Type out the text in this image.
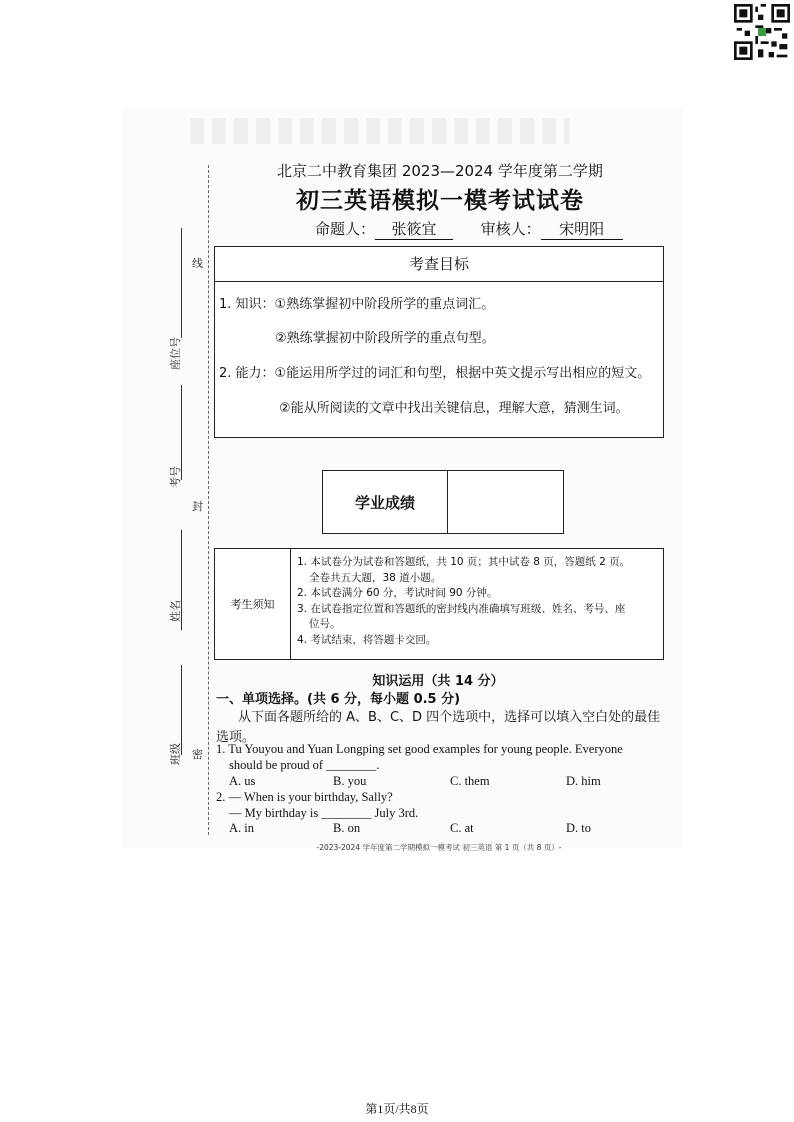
线
封
密
座位号
考号
姓名
班级
北京二中教育集团 2023—2024 学年度第二学期
初三英语模拟一模考试试卷
命题人： 张筱宜	审核人： 宋明阳
考查目标
1. 知识：①熟练掌握初中阶段所学的重点词汇。
②熟练掌握初中阶段所学的重点句型。
2. 能力：①能运用所学过的词汇和句型，根据中英文提示写出相应的短文。
②能从所阅读的文章中找出关键信息，理解大意，猜测生词。
学业成绩
考生须知
1. 本试卷分为试卷和答题纸，共 10 页；其中试卷 8 页，答题纸 2 页。
全卷共五大题，38 道小题。
2. 本试卷满分 60 分，考试时间 90 分钟。
3. 在试卷指定位置和答题纸的密封线内准确填写班级、姓名、考号、座
位号。
4. 考试结束，将答题卡交回。
知识运用（共 14 分）
一、单项选择。(共 6 分，每小题 0.5 分)
从下面各题所给的 A、B、C、D 四个选项中，选择可以填入空白处的最佳选项。
1. Tu Youyou and Yuan Longping set good examples for young people. Everyone
should be proud of ________.
A. us	B. you	C. them	D. him
2. — When is your birthday, Sally?
— My birthday is ________ July 3rd.
A. in	B. on	C. at	D. to
-2023-2024 学年度第二学期模拟一模考试 初三英语 第 1 页（共 8 页）-
第1页/共8页
